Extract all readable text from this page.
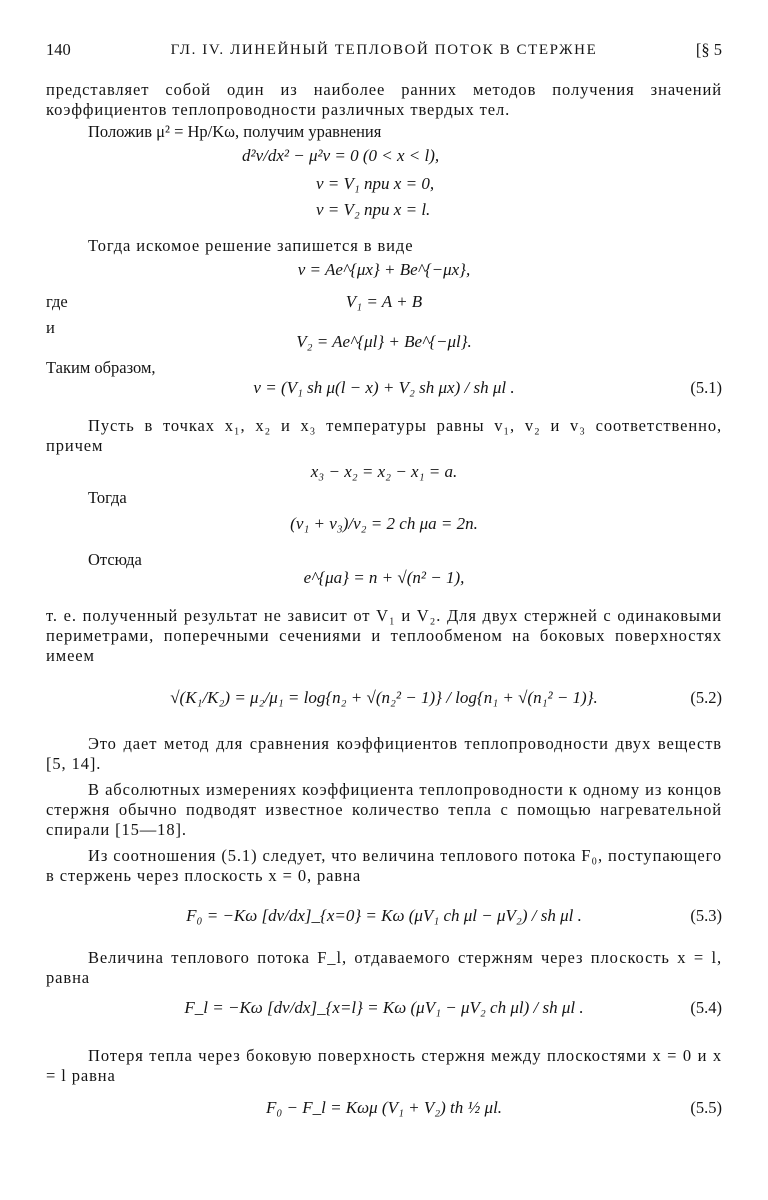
140	ГЛ. IV. ЛИНЕЙНЫЙ ТЕПЛОВОЙ ПОТОК В СТЕРЖНЕ	[§ 5

представляет собой один из наиболее ранних методов получения значений коэффициентов теплопроводности различных твердых тел.

Положив μ² = Hp/Kω, получим уравнения

d²v/dx² − μ²v = 0 (0 < x < l),
v = V₁ при x = 0,
v = V₂ при x = l.

Тогда искомое решение запишется в виде

v = Ae^{μx} + Be^{−μx},
где	V₁ = A + B
и
V₂ = Ae^{μl} + Be^{−μl}.
Таким образом,
v = (V₁ sh μ(l − x) + V₂ sh μx) / sh μl .	(5.1)

Пусть в точках x₁, x₂ и x₃ температуры равны v₁, v₂ и v₃ соответственно, причем

x₃ − x₂ = x₂ − x₁ = a.
Тогда
(v₁ + v₃)/v₂ = 2 ch μa = 2n.
Отсюда
e^{μa} = n + √(n² − 1),

т. е. полученный результат не зависит от V₁ и V₂. Для двух стержней с одинаковыми периметрами, поперечными сечениями и теплообменом на боковых поверхностях имеем

√(K₁/K₂) = μ₂/μ₁ = log{n₂ + √(n₂² − 1)} / log{n₁ + √(n₁² − 1)}.	(5.2)

Это дает метод для сравнения коэффициентов теплопроводности двух веществ [5, 14].

В абсолютных измерениях коэффициента теплопроводности к одному из концов стержня обычно подводят известное количество тепла с помощью нагревательной спирали [15—18].

Из соотношения (5.1) следует, что величина теплового потока F₀, поступающего в стержень через плоскость x = 0, равна

F₀ = −Kω [dv/dx]_{x=0} = Kω (μV₁ ch μl − μV₂) / sh μl .	(5.3)

Величина теплового потока F_l, отдаваемого стержням через плоскость x = l, равна

F_l = −Kω [dv/dx]_{x=l} = Kω (μV₁ − μV₂ ch μl) / sh μl .	(5.4)

Потеря тепла через боковую поверхность стержня между плоскостями x = 0 и x = l равна

F₀ − F_l = Kωμ (V₁ + V₂) th ½ μl.	(5.5)
